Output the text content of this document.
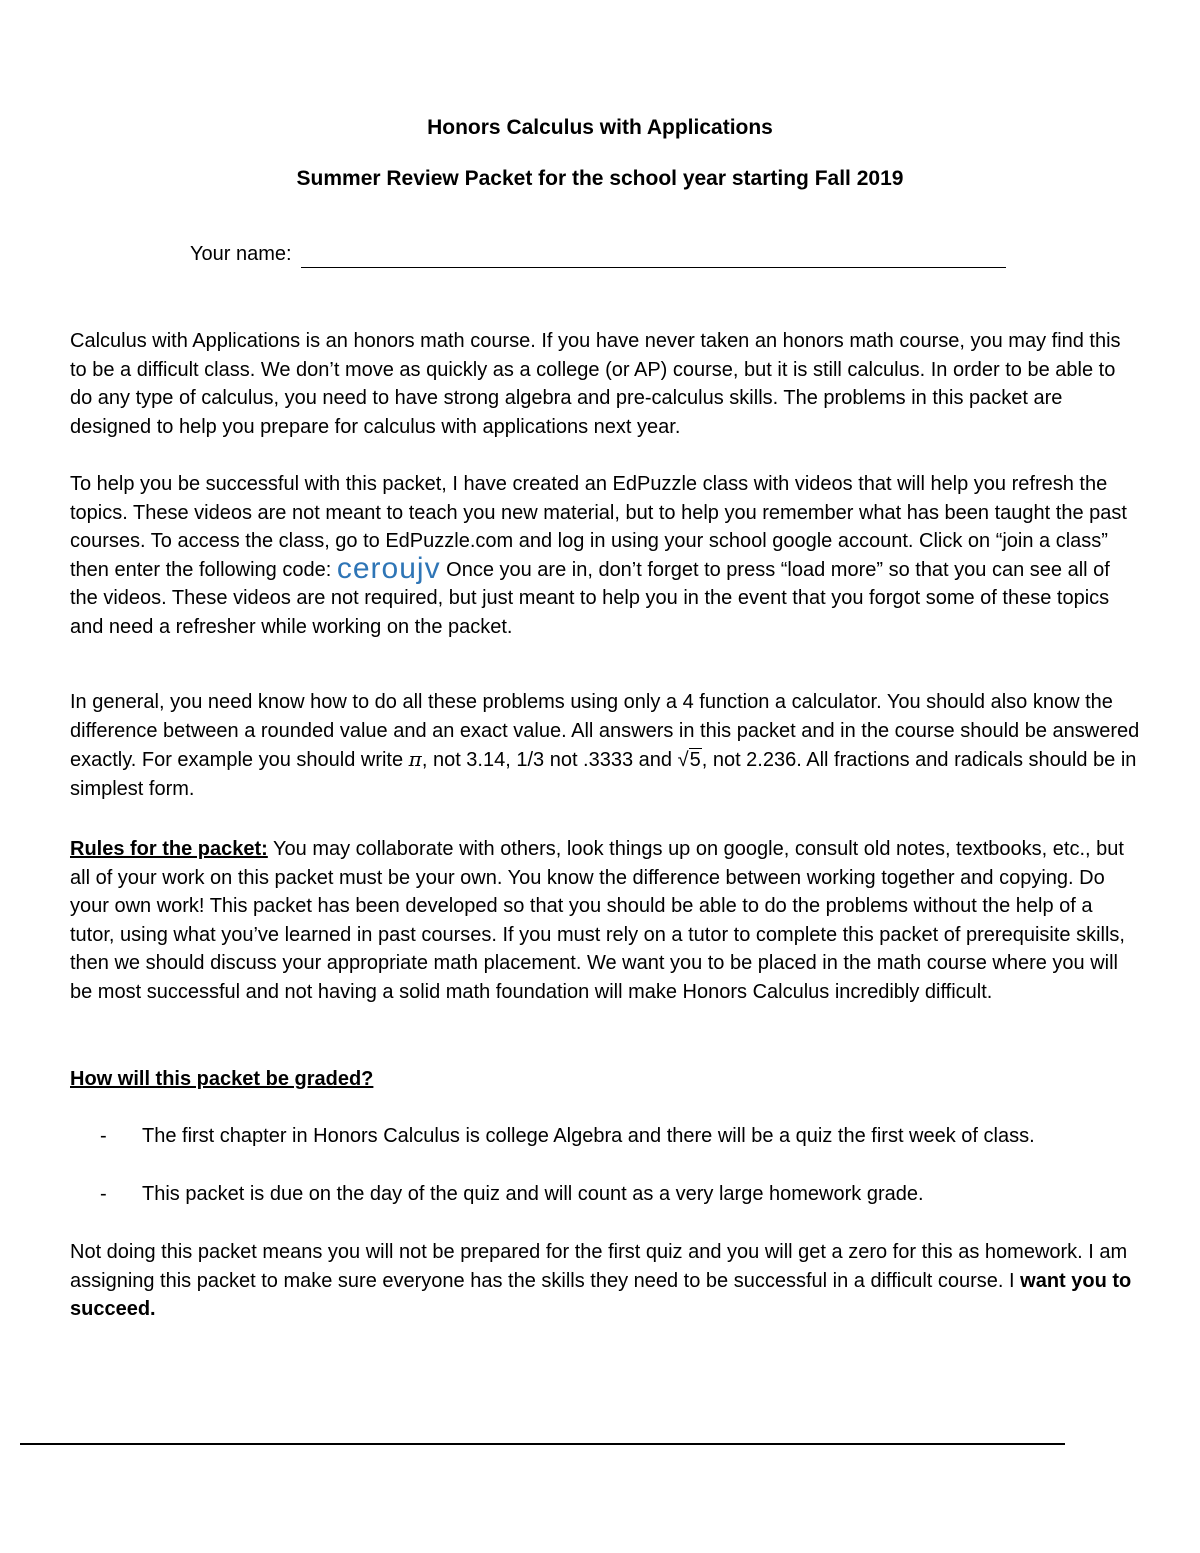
Honors Calculus with Applications
Summer Review Packet for the school year starting Fall 2019
Your name:

Calculus with Applications is an honors math course. If you have never taken an honors math course, you may find this to be a difficult class. We don’t move as quickly as a college (or AP) course, but it is still calculus. In order to be able to do any type of calculus, you need to have strong algebra and pre-calculus skills. The problems in this packet are designed to help you prepare for calculus with applications next year.

To help you be successful with this packet, I have created an EdPuzzle class with videos that will help you refresh the topics. These videos are not meant to teach you new material, but to help you remember what has been taught the past courses. To access the class, go to EdPuzzle.com and log in using your school google account. Click on “join a class” then enter the following code: ceroujv Once you are in, don’t forget to press “load more” so that you can see all of the videos. These videos are not required, but just meant to help you in the event that you forgot some of these topics and need a refresher while working on the packet.

In general, you need know how to do all these problems using only a 4 function a calculator. You should also know the difference between a rounded value and an exact value. All answers in this packet and in the course should be answered exactly. For example you should write π, not 3.14, 1/3 not .3333 and √5, not 2.236. All fractions and radicals should be in simplest form.

Rules for the packet: You may collaborate with others, look things up on google, consult old notes, textbooks, etc., but all of your work on this packet must be your own. You know the difference between working together and copying. Do your own work! This packet has been developed so that you should be able to do the problems without the help of a tutor, using what you’ve learned in past courses. If you must rely on a tutor to complete this packet of prerequisite skills, then we should discuss your appropriate math placement. We want you to be placed in the math course where you will be most successful and not having a solid math foundation will make Honors Calculus incredibly difficult.

How will this packet be graded?
-	The first chapter in Honors Calculus is college Algebra and there will be a quiz the first week of class.
-	This packet is due on the day of the quiz and will count as a very large homework grade.

Not doing this packet means you will not be prepared for the first quiz and you will get a zero for this as homework. I am assigning this packet to make sure everyone has the skills they need to be successful in a difficult course. I want you to succeed.
